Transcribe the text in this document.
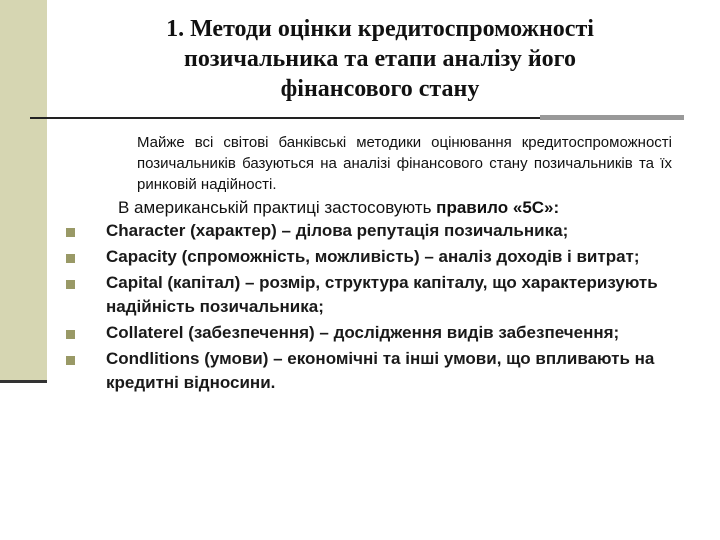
1. Методи оцінки кредитоспроможності
позичальника та етапи аналізу його
фінансового стану

Майже всі світові банківські методики оцінювання кредитоспроможності позичальників базуються на аналізі фінансового стану позичальників та їх ринковій надійності.

В американській практиці застосовують правило «5С»:

Character (характер) – ділова репутація позичальника;
Capacity (спроможність, можливість) – аналіз доходів і витрат;
Capital (капітал) – розмір, структура капіталу, що характеризують надійність позичальника;
Collaterel (забезпечення) – дослідження видів забезпечення;
Condlitions (умови) – економічні та інші умови, що впливають на кредитні відносини.
